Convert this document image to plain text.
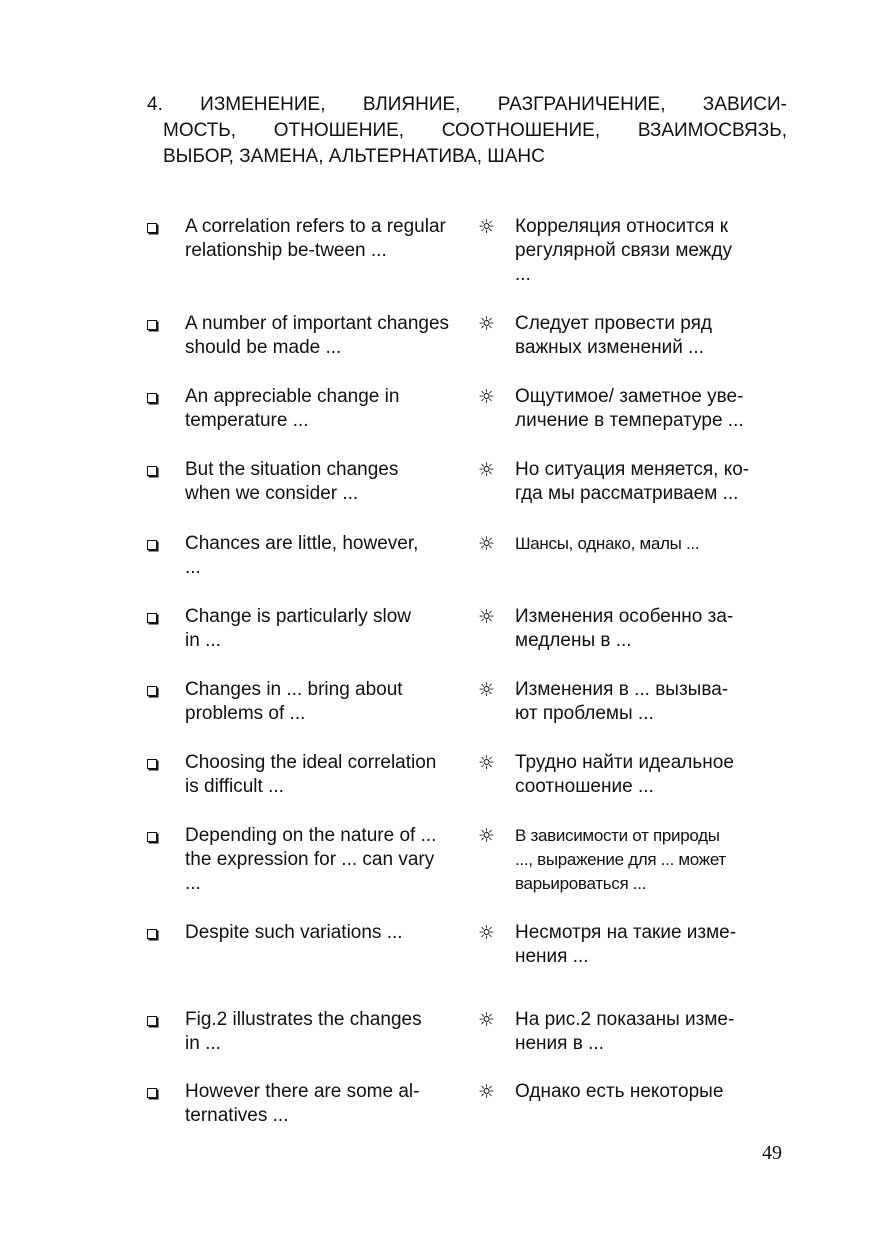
4. ИЗМЕНЕНИЕ, ВЛИЯНИЕ, РАЗГРАНИЧЕНИЕ, ЗАВИСИ-
МОСТЬ, ОТНОШЕНИЕ, СООТНОШЕНИЕ, ВЗАИМОСВЯЗЬ,
ВЫБОР, ЗАМЕНА, АЛЬТЕРНАТИВА, ШАНС
A correlation refers to a regular
relationship be-tween ...
☼ Корреляция относится к
регулярной связи между
...
A number of important changes
should be made ...
☼ Следует провести ряд
важных изменений ...
An appreciable change in
temperature ...
☼ Ощутимое/ заметное уве-
личение в температуре ...
But the situation changes
when we consider ...
☼ Но ситуация меняется, ко-
гда мы рассматриваем ...
Chances are little, however,
...
☼ Шансы, однако, малы ...
Change is particularly slow
in ...
☼ Изменения особенно за-
медлены в ...
Changes in ... bring about
problems of ...
☼ Изменения в ... вызыва-
ют проблемы ...
Choosing the ideal correlation
is difficult ...
☼ Трудно найти идеальное
соотношение ...
Depending on the nature of ...
the expression for ... can vary
...
☼ В зависимости от природы
..., выражение для ... может
варьироваться ...
Despite such variations ...	☼ Несмотря на такие изме-
нения ...
Fig.2 illustrates the changes
in ...
☼ На рис.2 показаны изме-
нения в ...
However there are some al-
ternatives ...
☼ Однако есть некоторые
49
